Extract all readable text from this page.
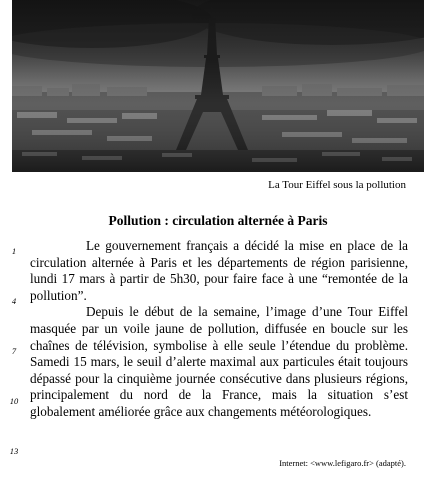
La Tour Eiffel sous la pollution
Pollution : circulation alternée à Paris
1
4
7
10
13

Le gouvernement français a décidé la mise en place de la circulation alternée à Paris et les départements de région parisienne, lundi 17 mars à partir de 5h30, pour faire face à une “remontée de la pollution”.

Depuis le début de la semaine, l’image d’une Tour Eiffel masquée par un voile jaune de pollution, diffusée en boucle sur les chaînes de télévision, symbolise à elle seule l’étendue du problème. Samedi 15 mars, le seuil d’alerte maximal aux particules était toujours dépassé pour la cinquième journée consécutive dans plusieurs régions, principalement du nord de la France, mais la situation s’est globalement améliorée grâce aux changements météorologiques.

Internet: <www.lefigaro.fr> (adapté).
